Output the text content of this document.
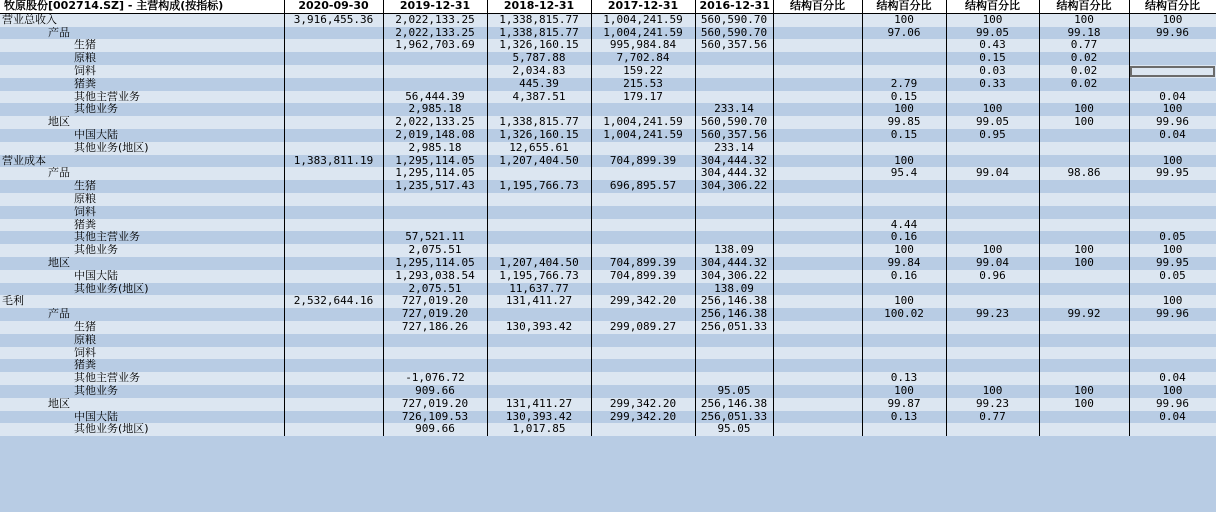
牧原股份[002714.SZ] - 主营构成(按指标)	2020-09-30	2019-12-31	2018-12-31	2017-12-31	2016-12-31	结构百分比	结构百分比	结构百分比	结构百分比	结构百分比
营业总收入	3,916,455.36	2,022,133.25	1,338,815.77	1,004,241.59	560,590.70		100	100	100	100
产品		2,022,133.25	1,338,815.77	1,004,241.59	560,590.70		97.06	99.05	99.18	99.96
生猪		1,962,703.69	1,326,160.15	995,984.84	560,357.56			0.43	0.77	
原粮			5,787.88	7,702.84				0.15	0.02	
饲料			2,034.83	159.22				0.03	0.02	
猪粪			445.39	215.53			2.79	0.33	0.02	
其他主营业务		56,444.39	4,387.51	179.17			0.15			0.04
其他业务		2,985.18			233.14		100	100	100	100
地区		2,022,133.25	1,338,815.77	1,004,241.59	560,590.70		99.85	99.05	100	99.96
中国大陆		2,019,148.08	1,326,160.15	1,004,241.59	560,357.56		0.15	0.95		0.04
其他业务(地区)		2,985.18	12,655.61		233.14					
营业成本	1,383,811.19	1,295,114.05	1,207,404.50	704,899.39	304,444.32		100			100
产品		1,295,114.05			304,444.32		95.4	99.04	98.86	99.95
生猪		1,235,517.43	1,195,766.73	696,895.57	304,306.22					
原粮										
饲料										
猪粪							4.44			
其他主营业务		57,521.11					0.16			0.05
其他业务		2,075.51			138.09		100	100	100	100
地区		1,295,114.05	1,207,404.50	704,899.39	304,444.32		99.84	99.04	100	99.95
中国大陆		1,293,038.54	1,195,766.73	704,899.39	304,306.22		0.16	0.96		0.05
其他业务(地区)		2,075.51	11,637.77		138.09					
毛利	2,532,644.16	727,019.20	131,411.27	299,342.20	256,146.38		100			100
产品		727,019.20			256,146.38		100.02	99.23	99.92	99.96
生猪		727,186.26	130,393.42	299,089.27	256,051.33					
原粮										
饲料										
猪粪										
其他主营业务		-1,076.72					0.13			0.04
其他业务		909.66			95.05		100	100	100	100
地区		727,019.20	131,411.27	299,342.20	256,146.38		99.87	99.23	100	99.96
中国大陆		726,109.53	130,393.42	299,342.20	256,051.33		0.13	0.77		0.04
其他业务(地区)		909.66	1,017.85		95.05					
